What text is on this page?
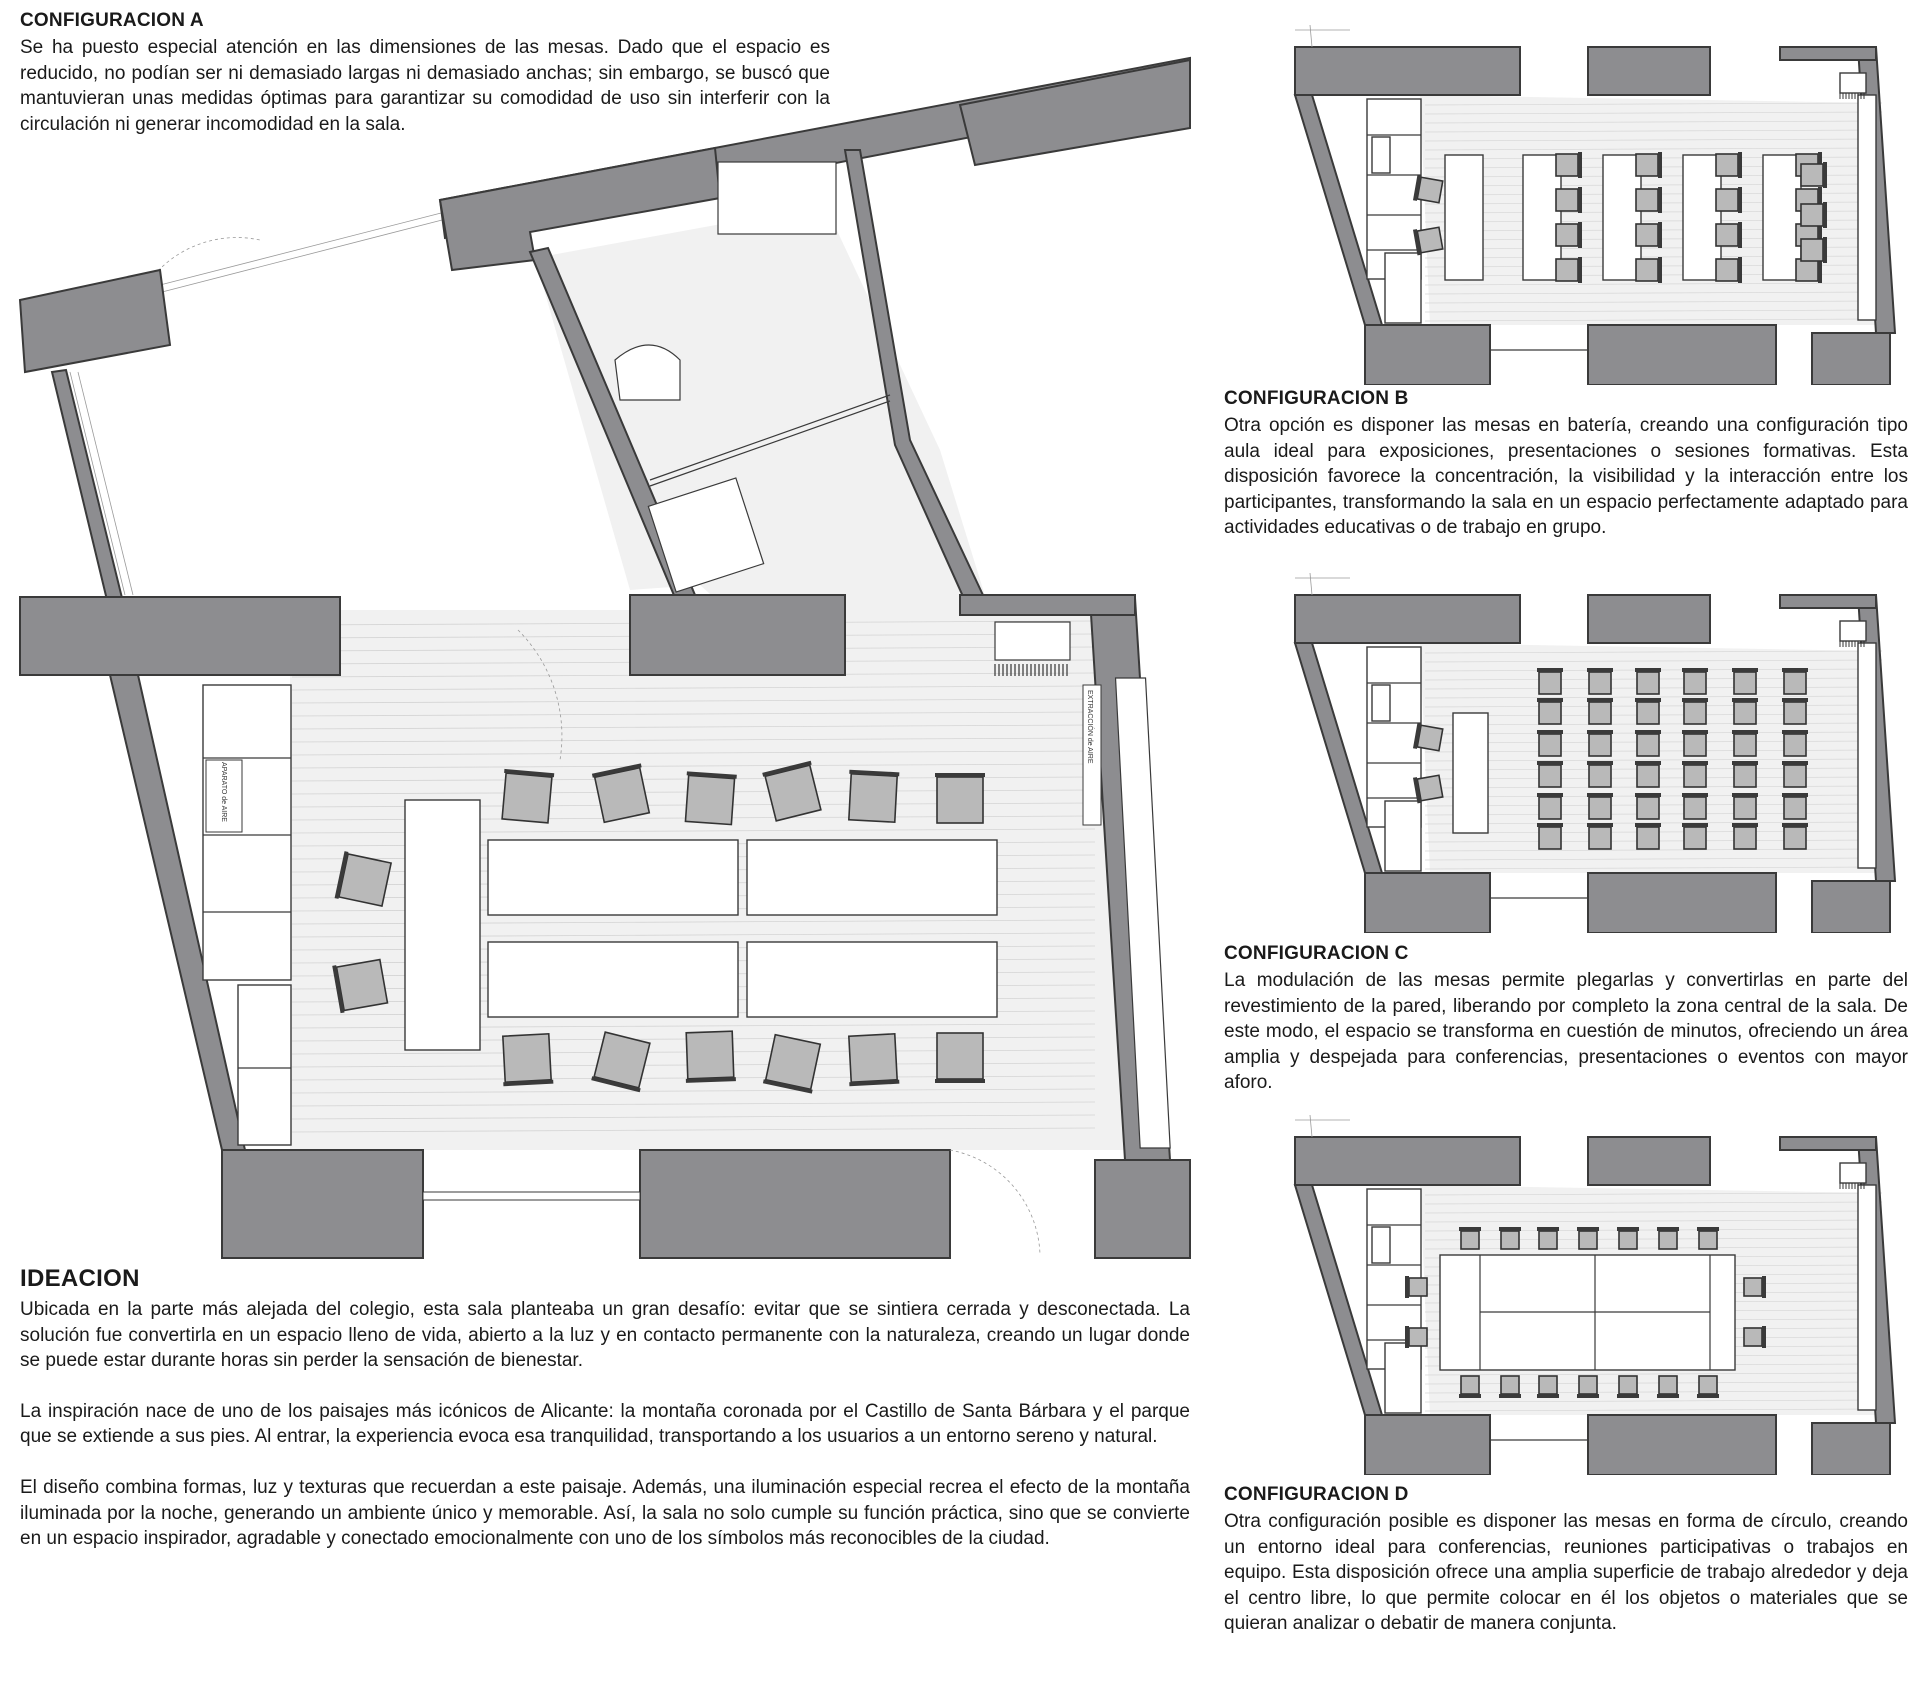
CONFIGURACION A

Se ha puesto especial atención en las dimensiones de las mesas. Dado que el espacio es reducido, no podían ser ni demasiado largas ni demasiado anchas; sin embargo, se buscó que mantuvieran unas medidas óptimas para garantizar su comodidad de uso sin interferir con la circulación ni generar incomodidad en la sala.

CONFIGURACION B

Otra opción es disponer las mesas en batería, creando una configuración tipo aula ideal para exposiciones, presentaciones o sesiones formativas. Esta disposición favorece la concentración, la visibilidad y la interacción entre los participantes, transformando la sala en un espacio perfectamente adaptado para actividades educativas o de trabajo en grupo.

CONFIGURACION C

La modulación de las mesas permite plegarlas y convertirlas en parte del revestimiento de la pared, liberando por completo la zona central de la sala. De este modo, el espacio se transforma en cuestión de minutos, ofreciendo un área amplia y despejada para conferencias, presentaciones o eventos con mayor aforo.

CONFIGURACION D

Otra configuración posible es disponer las mesas en forma de círculo, creando un entorno ideal para conferencias, reuniones participativas o trabajos en equipo. Esta disposición ofrece una amplia superficie de trabajo alrededor y deja el centro libre, lo que permite colocar en él los objetos o materiales que se quieran analizar o debatir de manera conjunta.

IDEACION

Ubicada en la parte más alejada del colegio, esta sala planteaba un gran desafío: evitar que se sintiera cerrada y desconectada. La solución fue convertirla en un espacio lleno de vida, abierto a la luz y en contacto permanente con la naturaleza, creando un lugar donde se puede estar durante horas sin perder la sensación de bienestar.

La inspiración nace de uno de los paisajes más icónicos de Alicante: la montaña coronada por el Castillo de Santa Bárbara y el parque que se extiende a sus pies. Al entrar, la experiencia evoca esa tranquilidad, transportando a los usuarios a un entorno sereno y natural.

El diseño combina formas, luz y texturas que recuerdan a este paisaje. Además, una iluminación especial recrea el efecto de la montaña iluminada por la noche, generando un ambiente único y memorable. Así, la sala no solo cumple su función práctica, sino que se convierte en un espacio inspirador, agradable y conectado emocionalmente con uno de los símbolos más reconocibles de la ciudad.

APARATO de AIRE
EXTRACCIÓN de AIRE
